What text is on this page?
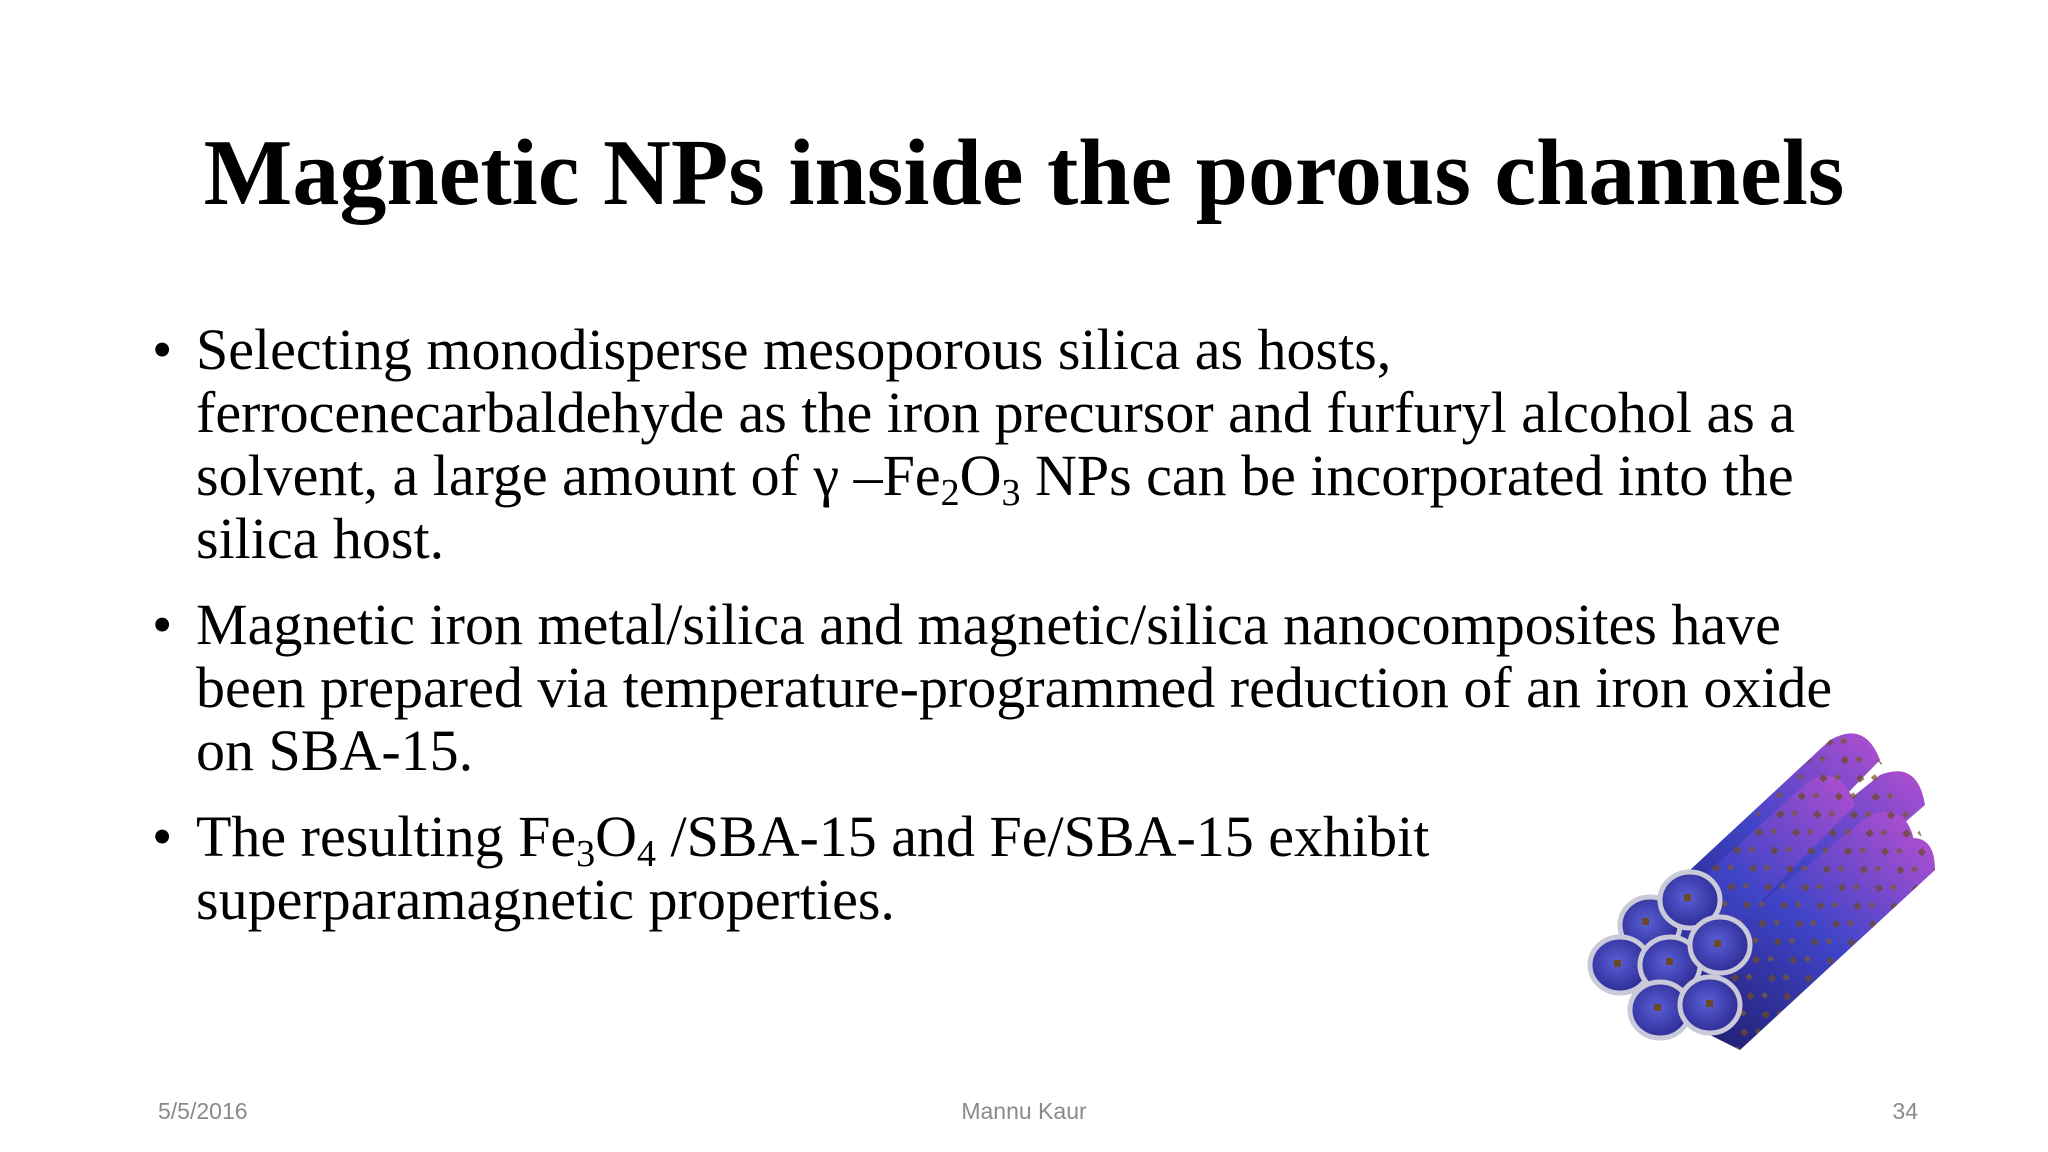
Magnetic NPs inside the porous channels
• Selecting monodisperse mesoporous silica as hosts,
ferrocenecarbaldehyde as the iron precursor and furfuryl alcohol as a
solvent, a large amount of γ $-Fe_2O_3$ NPs can be incorporated into the
silica host.
• Magnetic iron metal/silica and magnetic/silica nanocomposites have
been prepared via temperature-programmed reduction of an iron oxide
on SBA-15.
• The resulting $Fe_3O_4$ /SBA-15 and Fe/SBA-15 exhibit
superparamagnetic properties.
5/5/2016	Mannu Kaur	34
